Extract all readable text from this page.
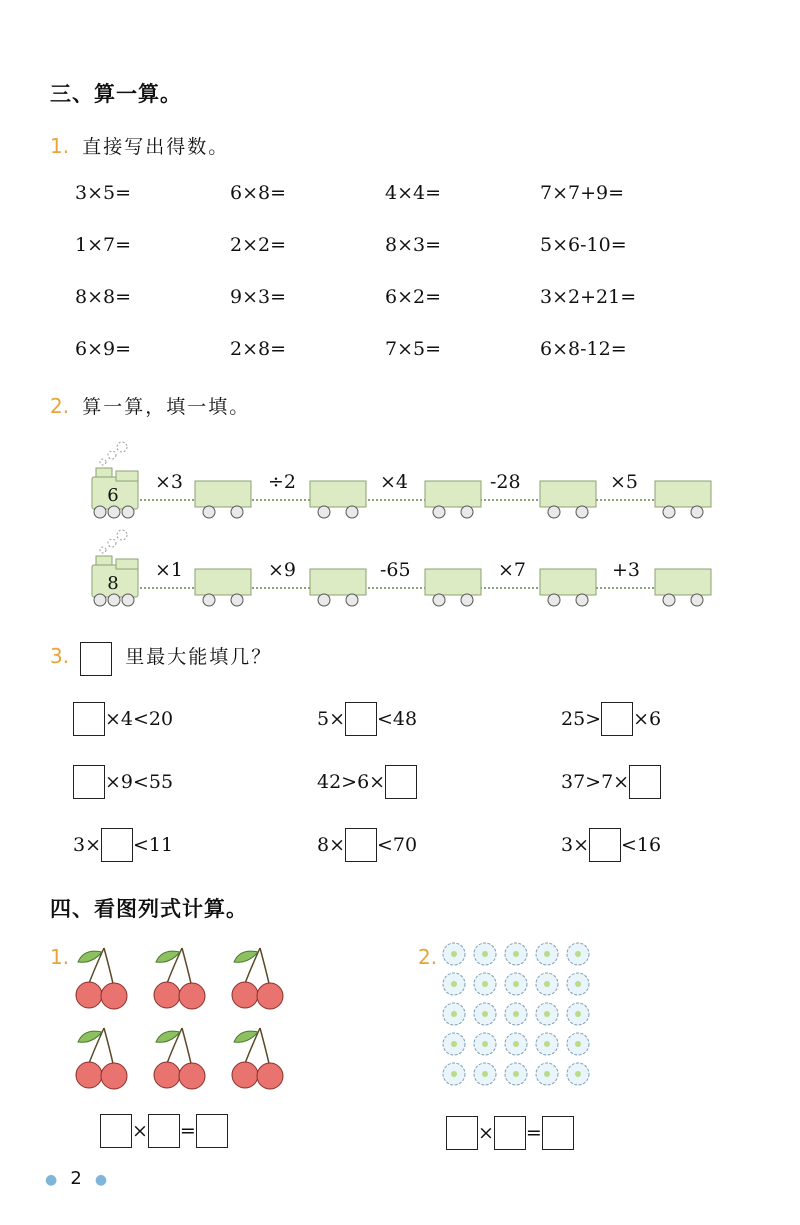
三、算一算。
1. 直接写出得数。
3×5=	6×8=	4×4=	7×7+9=
1×7=	2×2=	8×3=	5×6-10=
8×8=	9×3=	6×2=	3×2+21=
6×9=	2×8=	7×5=	6×8-12=
2. 算一算，填一填。
6
×3	÷2	×4	-28	×5
8
×1	×9	-65	×7	+3
3.	里最大能填几？
×4<20	5× <48	25> ×6
×9<55	42>6×	37>7×
3× <11	8× <70	3× <16
四、看图列式计算。
1.
× =
2.
× =
● 2 ●
